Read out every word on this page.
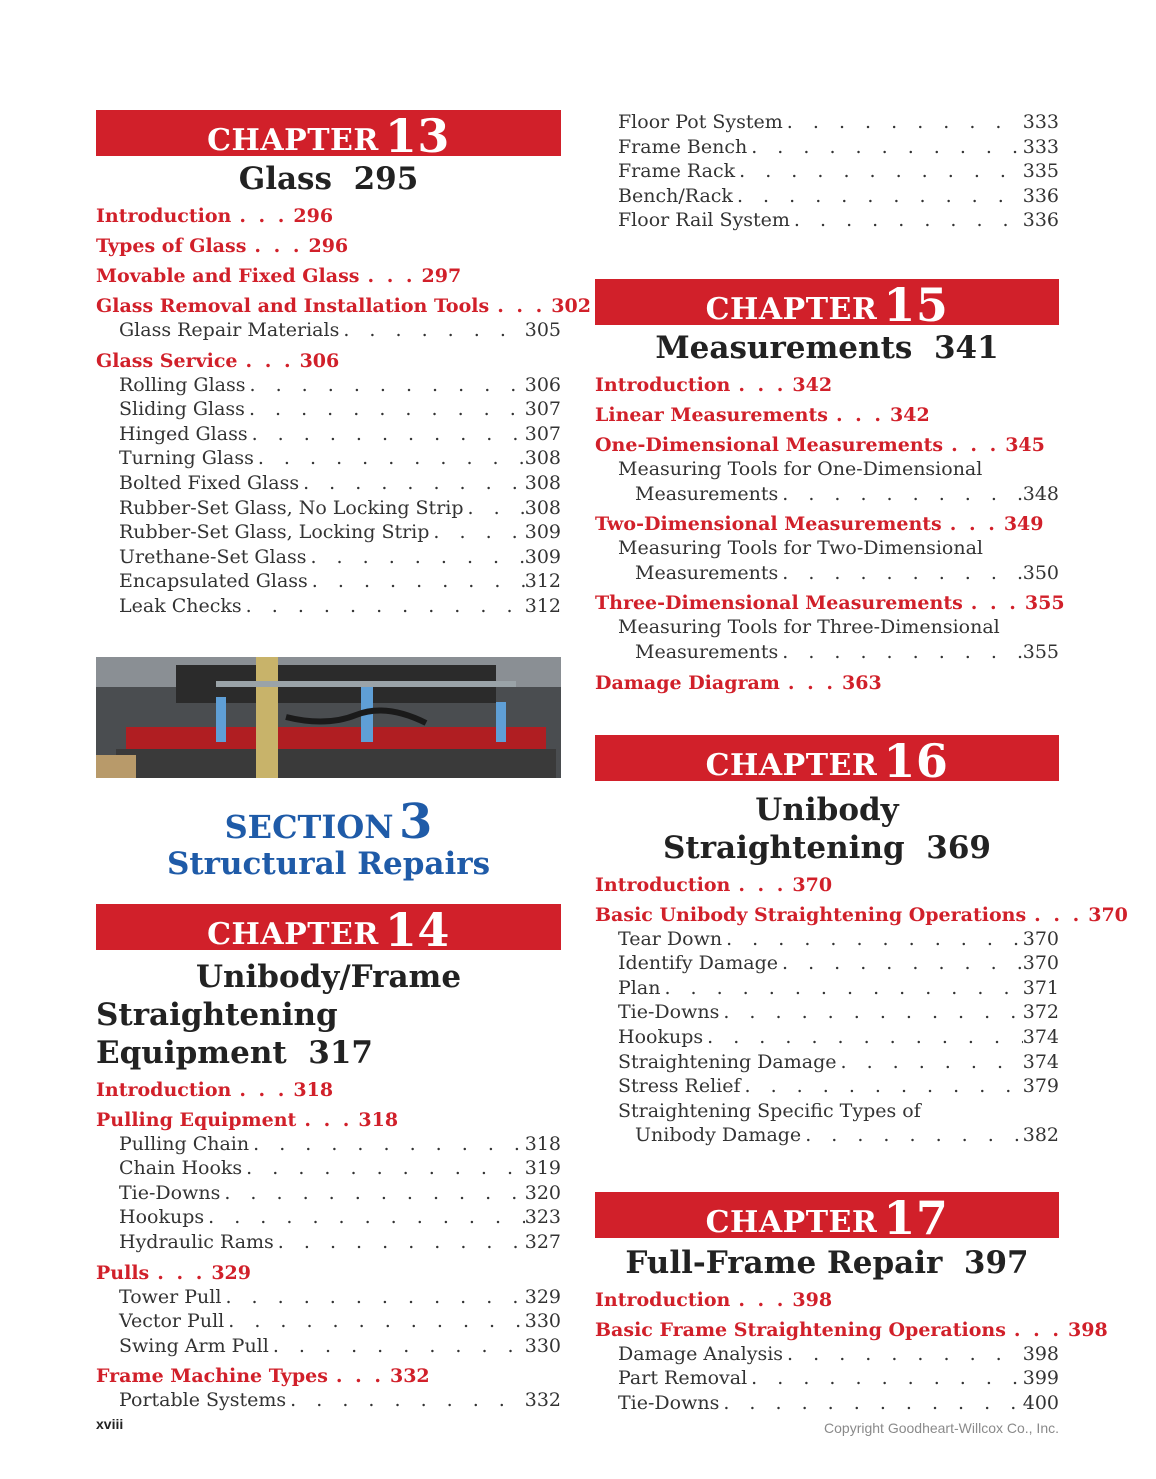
CHAPTER 13
Glass 295
Introduction . . . 296
Types of Glass . . . 296
Movable and Fixed Glass . . . 297
Glass Removal and Installation Tools . . . 302
Glass Repair Materials . . .	305
Glass Service . . . 306
Rolling Glass . . .	306
Sliding Glass . . .	307
Hinged Glass . . .	307
Turning Glass . . .	308
Bolted Fixed Glass . . .	308
Rubber-Set Glass, No Locking Strip . . .	308
Rubber-Set Glass, Locking Strip . . .	309
Urethane-Set Glass . . .	309
Encapsulated Glass . . .	312
Leak Checks . . .	312
SECTION 3
Structural Repairs
CHAPTER 14
Unibody/Frame
Straightening Equipment 317
Introduction . . . 318
Pulling Equipment . . . 318
Pulling Chain . . .	318
Chain Hooks . . .	319
Tie-Downs . . .	320
Hookups . . .	323
Hydraulic Rams . . .	327
Pulls . . . 329
Tower Pull . . .	329
Vector Pull . . .	330
Swing Arm Pull . . .	330
Frame Machine Types . . . 332
Portable Systems . . .	332
Floor Pot System . . .	333
Frame Bench . . .	333
Frame Rack . . .	335
Bench/Rack . . .	336
Floor Rail System . . .	336
CHAPTER 15
Measurements 341
Introduction . . . 342
Linear Measurements . . . 342
One-Dimensional Measurements . . . 345
Measuring Tools for One-Dimensional
Measurements . . .	348
Two-Dimensional Measurements . . . 349
Measuring Tools for Two-Dimensional
Measurements . . .	350
Three-Dimensional Measurements . . . 355
Measuring Tools for Three-Dimensional
Measurements . . .	355
Damage Diagram . . . 363
CHAPTER 16
Unibody Straightening 369
Introduction . . . 370
Basic Unibody Straightening Operations . . . 370
Tear Down . . .	370
Identify Damage . . .	370
Plan . . .	371
Tie-Downs . . .	372
Hookups . . .	374
Straightening Damage . . .	374
Stress Relief . . .	379
Straightening Specific Types of
Unibody Damage . . .	382
CHAPTER 17
Full-Frame Repair 397
Introduction . . . 398
Basic Frame Straightening Operations . . . 398
Damage Analysis . . .	398
Part Removal . . .	399
Tie-Downs . . .	400
xviii	Copyright Goodheart-Willcox Co., Inc.
